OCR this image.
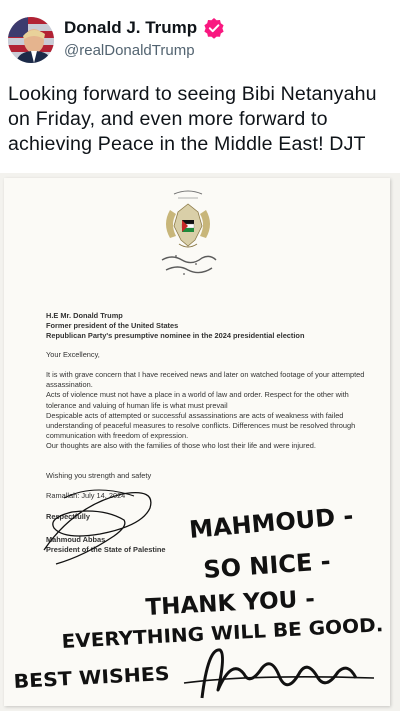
Donald J. Trump
@realDonaldTrump
Looking forward to seeing Bibi Netanyahu on Friday, and even more forward to achieving Peace in the Middle East! DJT
H.E Mr. Donald Trump
Former president of the United States
Republican Party's presumptive nominee in the 2024 presidential election
Your Excellency,
It is with grave concern that I have received news and later on watched footage of your attempted assassination.
Acts of violence must not have a place in a world of law and order. Respect for the other with tolerance and valuing of human life is what must prevail
Despicable acts of attempted or successful assassinations are acts of weakness with failed understanding of peaceful measures to resolve conflicts. Differences must be resolved through communication with freedom of expression.
Our thoughts are also with the families of those who lost their life and were injured.
Wishing you strength and safety
Ramallah: July 14, 2024
Respectfully
Mahmoud Abbas
President of the State of Palestine
MAHMOUD -
SO NICE -
THANK YOU -
EVERYTHING WILL BE GOOD.
BEST WISHES
